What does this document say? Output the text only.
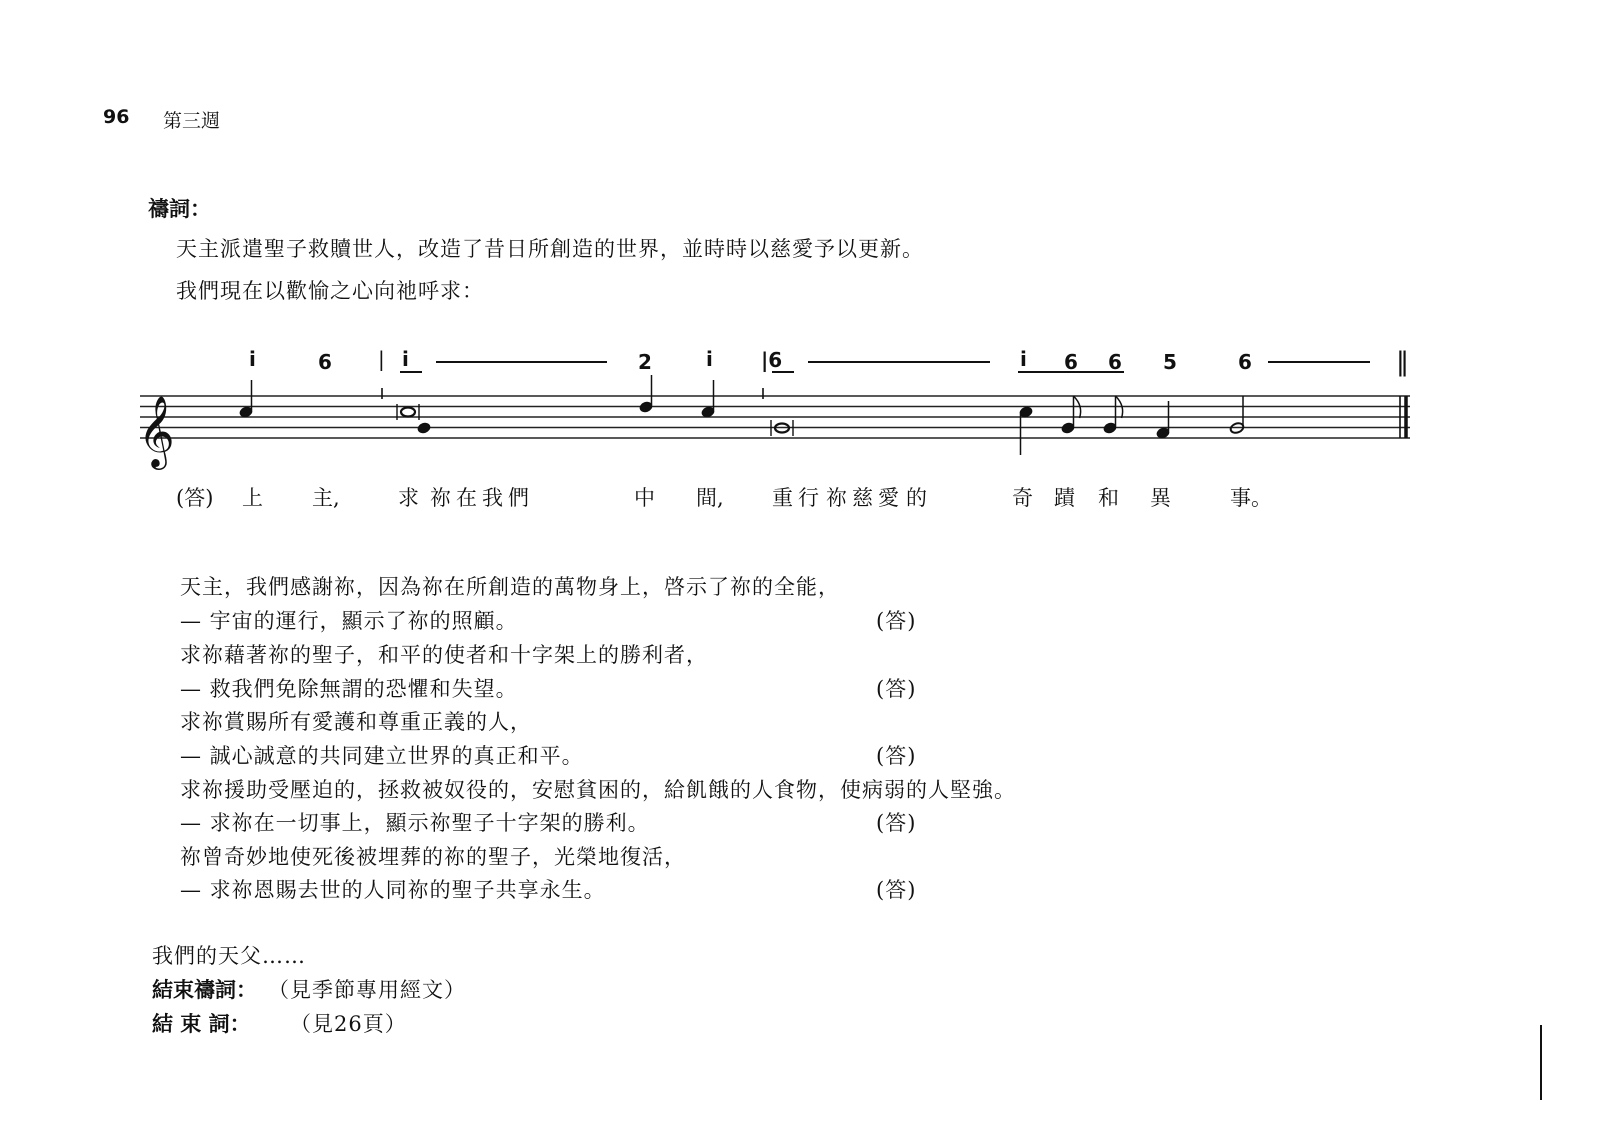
96 第三週
禱詞：
天主派遣聖子救贖世人，改造了昔日所創造的世界，並時時以慈愛予以更新。
我們現在以歡愉之心向祂呼求：
i	6 | i	2	i |6	i 6 6 5	6	‖
𝄞
(答) 上 主,	求 祢 在 我 們	中 間, 重 行 祢 慈 愛 的	奇 蹟 和 異	事。
天主，我們感謝祢，因為祢在所創造的萬物身上，啓示了祢的全能，
— 宇宙的運行，顯示了祢的照顧。	(答)
求祢藉著祢的聖子，和平的使者和十字架上的勝利者，
— 救我們免除無謂的恐懼和失望。	(答)
求祢賞賜所有愛護和尊重正義的人，
— 誠心誠意的共同建立世界的真正和平。	(答)
求祢援助受壓迫的，拯救被奴役的，安慰貧困的，給飢餓的人食物，使病弱的人堅強。
— 求祢在一切事上，顯示祢聖子十字架的勝利。	(答)
祢曾奇妙地使死後被埋葬的祢的聖子，光榮地復活，
— 求祢恩賜去世的人同祢的聖子共享永生。	(答)
我們的天父……
結束禱詞： （見季節專用經文）
結 束 詞： （見26頁）
